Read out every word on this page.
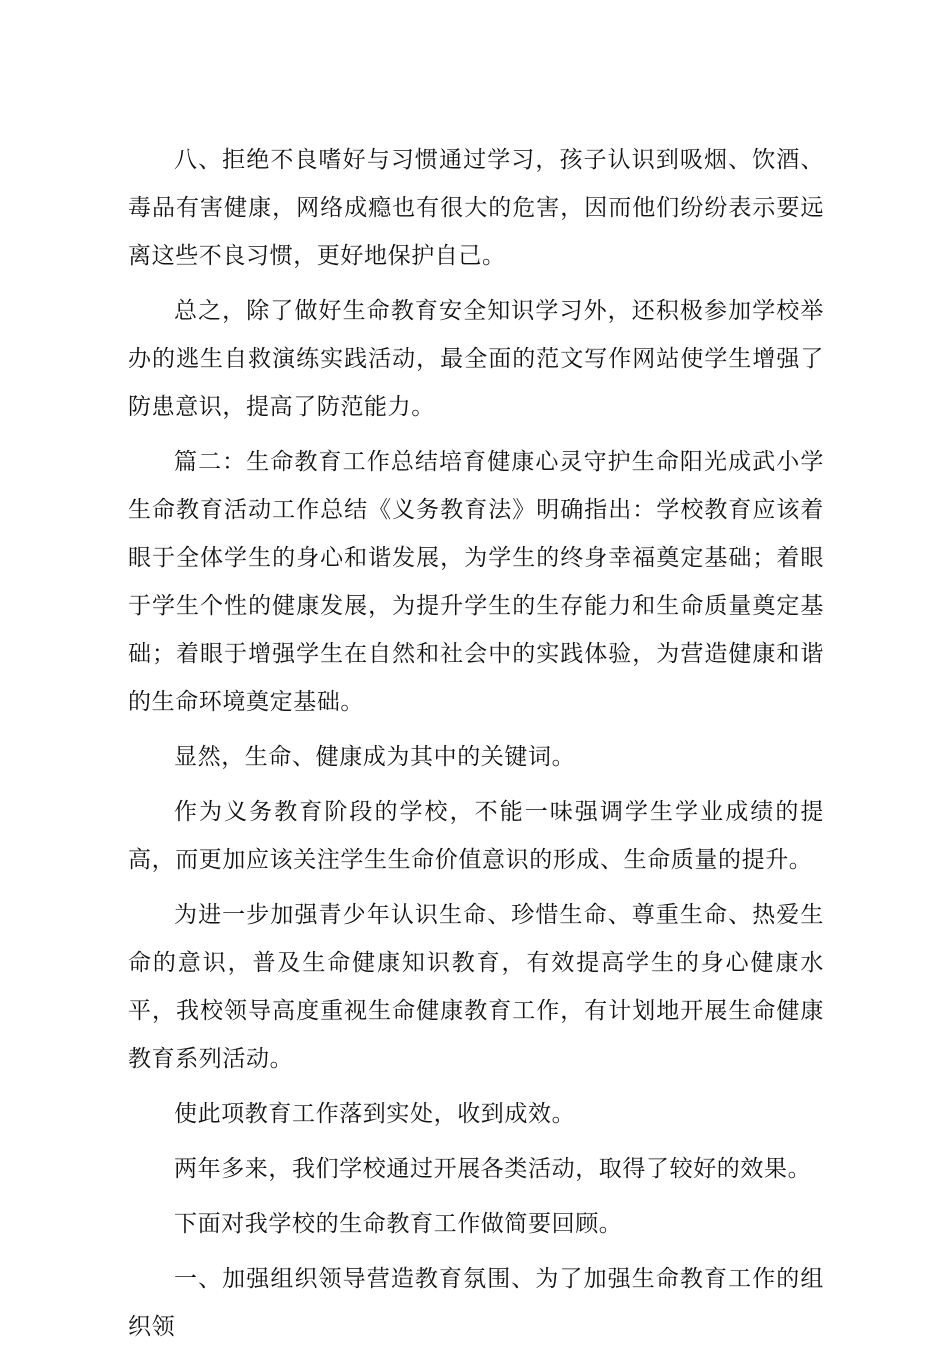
八、拒绝不良嗜好与习惯通过学习，孩子认识到吸烟、饮酒、毒品有害健康，网络成瘾也有很大的危害，因而他们纷纷表示要远离这些不良习惯，更好地保护自己。

总之，除了做好生命教育安全知识学习外，还积极参加学校举办的逃生自救演练实践活动，最全面的范文写作网站使学生增强了防患意识，提高了防范能力。

篇二：生命教育工作总结培育健康心灵守护生命阳光成武小学生命教育活动工作总结《义务教育法》明确指出：学校教育应该着眼于全体学生的身心和谐发展，为学生的终身幸福奠定基础；着眼于学生个性的健康发展，为提升学生的生存能力和生命质量奠定基础；着眼于增强学生在自然和社会中的实践体验，为营造健康和谐的生命环境奠定基础。

显然，生命、健康成为其中的关键词。

作为义务教育阶段的学校，不能一味强调学生学业成绩的提高，而更加应该关注学生生命价值意识的形成、生命质量的提升。

为进一步加强青少年认识生命、珍惜生命、尊重生命、热爱生命的意识，普及生命健康知识教育，有效提高学生的身心健康水平，我校领导高度重视生命健康教育工作，有计划地开展生命健康教育系列活动。

使此项教育工作落到实处，收到成效。

两年多来，我们学校通过开展各类活动，取得了较好的效果。

下面对我学校的生命教育工作做简要回顾。

一、加强组织领导营造教育氛围、为了加强生命教育工作的组织领
